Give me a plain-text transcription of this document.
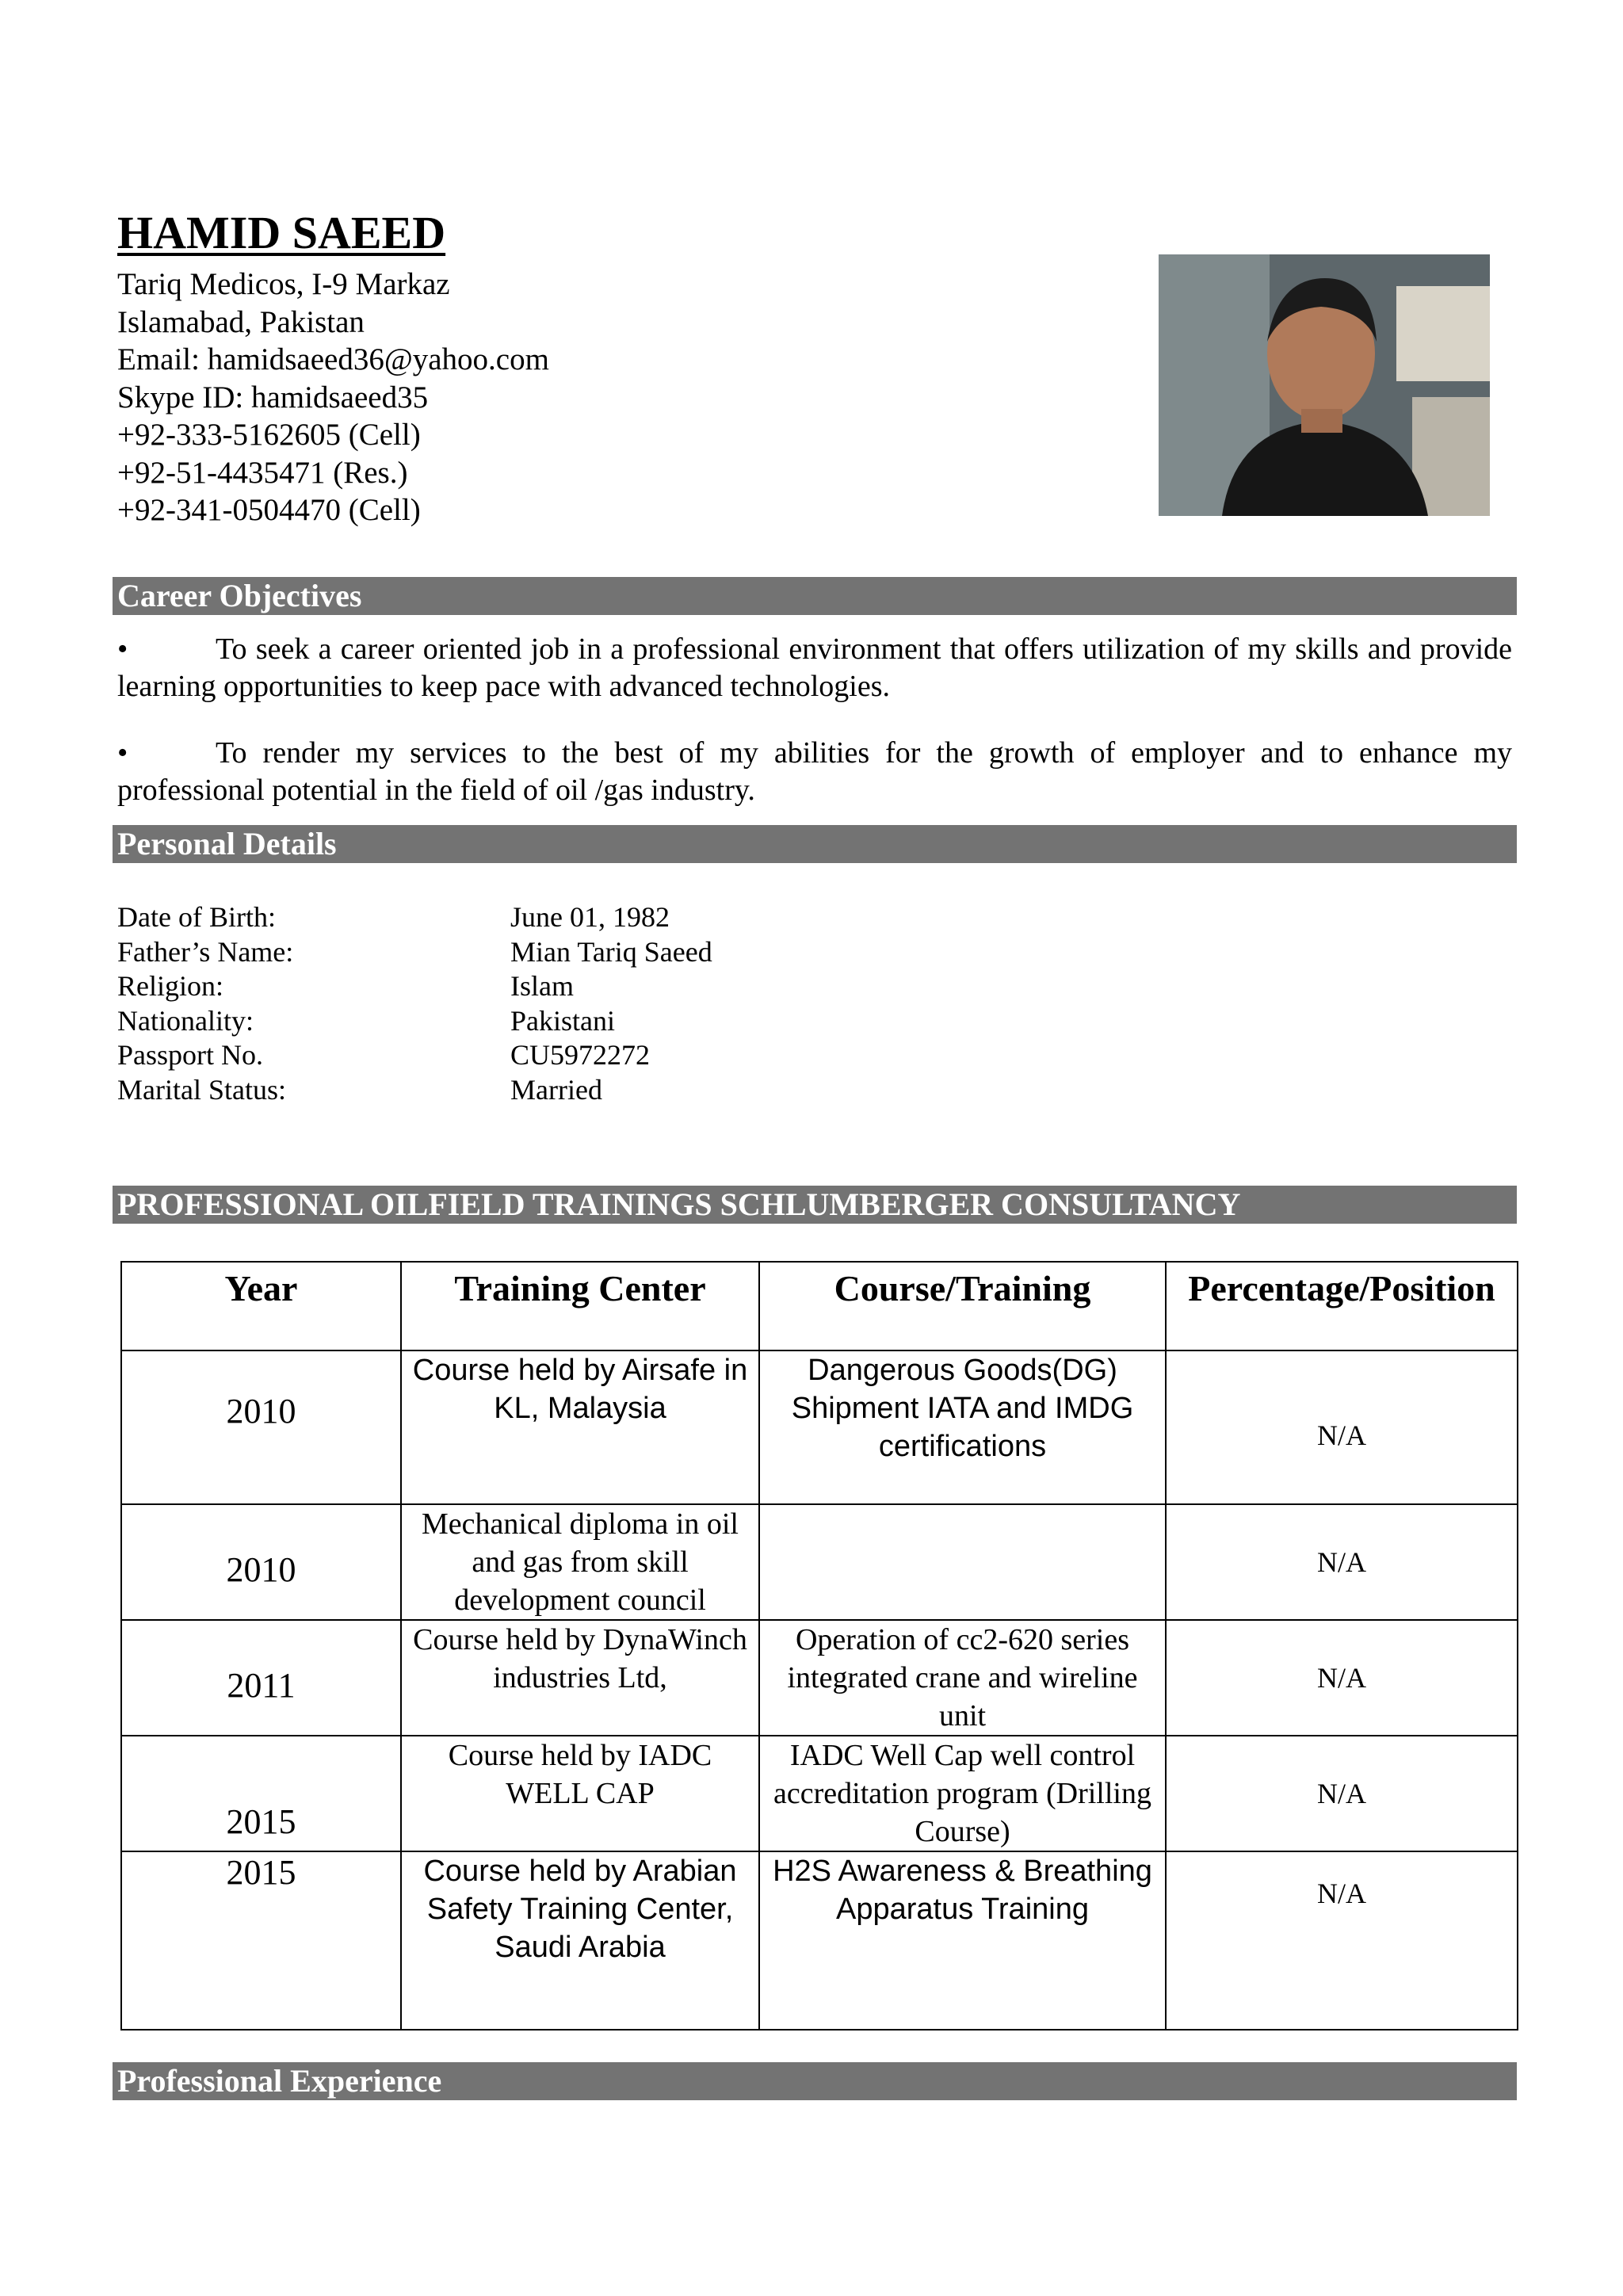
HAMID SAEED
Tariq Medicos, I-9 Markaz
Islamabad, Pakistan
Email: hamidsaeed36@yahoo.com
Skype ID: hamidsaeed35
+92-333-5162605 (Cell)
+92-51-4435471 (Res.)
+92-341-0504470 (Cell)
Career Objectives
•	To seek a career oriented job in a professional environment that offers utilization of my skills and provide learning opportunities to keep pace with advanced technologies.
•	To render my services to the best of my abilities for the growth of employer and to enhance my professional potential in the field of oil /gas industry.
Personal Details
Date of Birth:	June 01, 1982
Father’s Name:	Mian Tariq Saeed
Religion:	Islam
Nationality:	Pakistani
Passport No.	CU5972272
Marital Status:	Married
PROFESSIONAL OILFIELD TRAININGS SCHLUMBERGER CONSULTANCY
Year	Training Center	Course/Training	Percentage/Position
2010	Course held by Airsafe in KL, Malaysia	Dangerous Goods(DG) Shipment IATA and IMDG certifications	N/A
2010	Mechanical diploma in oil and gas from skill development council		N/A
2011	Course held by DynaWinch industries Ltd,	Operation of cc2-620 series integrated crane and wireline unit	N/A
2015	Course held by IADC WELL CAP	IADC Well Cap well control accreditation program (Drilling Course)	N/A
2015	Course held by Arabian Safety Training Center, Saudi Arabia	H2S Awareness & Breathing Apparatus Training	N/A
Professional Experience
